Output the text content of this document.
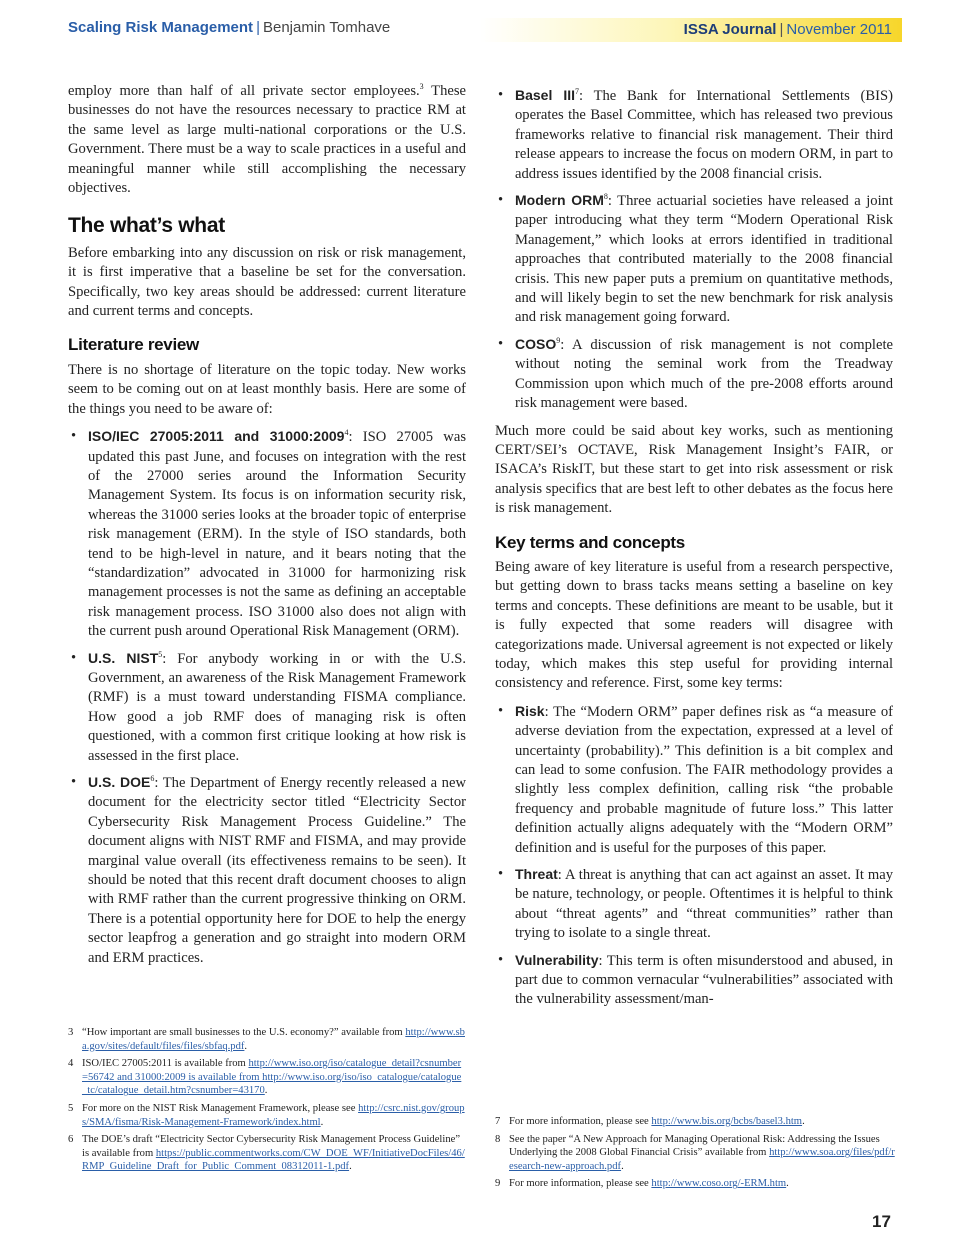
Scaling Risk Management | Benjamin Tomhave	ISSA Journal | November 2011

employ more than half of all private sector employees.$^3$ These businesses do not have the resources necessary to practice RM at the same level as large multi-national corporations or the U.S. Government. There must be a way to scale practices in a useful and meaningful manner while still accomplishing the necessary objectives.

The what’s what

Before embarking into any discussion on risk or risk management, it is first imperative that a baseline be set for the conversation. Specifically, two key areas should be addressed: current literature and current terms and concepts.

Literature review

There is no shortage of literature on the topic today. New works seem to be coming out on at least monthly basis. Here are some of the things you need to be aware of:

• ISO/IEC 27005:2011 and 31000:2009$^4$: ISO 27005 was updated this past June, and focuses on integration with the rest of the 27000 series around the Information Security Management System. Its focus is on information security risk, whereas the 31000 series looks at the broader topic of enterprise risk management (ERM). In the style of ISO standards, both tend to be high-level in nature, and it bears noting that the “standardization” advocated in 31000 for harmonizing risk management processes is not the same as defining an acceptable risk management process. ISO 31000 also does not align with the current push around Operational Risk Management (ORM).
• U.S. NIST$^5$: For anybody working in or with the U.S. Government, an awareness of the Risk Management Framework (RMF) is a must toward understanding FISMA compliance. How good a job RMF does of managing risk is often questioned, with a common first critique looking at how risk is assessed in the first place.
• U.S. DOE$^6$: The Department of Energy recently released a new document for the electricity sector titled “Electricity Sector Cybersecurity Risk Management Process Guideline.” The document aligns with NIST RMF and FISMA, and may provide marginal value overall (its effectiveness remains to be seen). It should be noted that this recent draft document chooses to align with RMF rather than the current progressive thinking on ORM. There is a potential opportunity here for DOE to help the energy sector leapfrog a generation and go straight into modern ORM and ERM practices.
• Basel III$^7$: The Bank for International Settlements (BIS) operates the Basel Committee, which has released two previous frameworks relative to financial risk management. Their third release appears to increase the focus on modern ORM, in part to address issues identified by the 2008 financial crisis.
• Modern ORM$^8$: Three actuarial societies have released a joint paper introducing what they term “Modern Operational Risk Management,” which looks at errors identified in traditional approaches that contributed materially to the 2008 financial crisis. This new paper puts a premium on quantitative methods, and will likely begin to set the new benchmark for risk analysis and risk management going forward.
• COSO$^9$: A discussion of risk management is not complete without noting the seminal work from the Treadway Commission upon which much of the pre-2008 efforts around risk management were based.

Much more could be said about key works, such as mentioning CERT/SEI’s OCTAVE, Risk Management Insight’s FAIR, or ISACA’s RiskIT, but these start to get into risk assessment or risk analysis specifics that are best left to other debates as the focus here is risk management.

Key terms and concepts

Being aware of key literature is useful from a research perspective, but getting down to brass tacks means setting a baseline on key terms and concepts. These definitions are meant to be usable, but it is fully expected that some readers will disagree with categorizations made. Universal agreement is not expected or likely today, which makes this step useful for providing internal consistency and reference. First, some key terms:

• Risk: The “Modern ORM” paper defines risk as “a measure of adverse deviation from the expectation, expressed at a level of uncertainty (probability).” This definition is a bit complex and can lead to some confusion. The FAIR methodology provides a slightly less complex definition, calling risk “the probable frequency and probable magnitude of future loss.” This latter definition actually aligns adequately with the “Modern ORM” definition and is useful for the purposes of this paper.
• Threat: A threat is anything that can act against an asset. It may be nature, technology, or people. Oftentimes it is helpful to think about “threat agents” and “threat communities” rather than trying to isolate to a single threat.
• Vulnerability: This term is often misunderstood and abused, in part due to common vernacular “vulnerabilities” associated with the vulnerability assessment/man-
3 “How important are small businesses to the U.S. economy?” available from http://www.sba.gov/sites/default/files/files/sbfaq.pdf.
4 ISO/IEC 27005:2011 is available from http://www.iso.org/iso/catalogue_detail?csnumber=56742 and 31000:2009 is available from http://www.iso.org/iso/iso_catalogue/catalogue_tc/catalogue_detail.htm?csnumber=43170.
5 For more on the NIST Risk Management Framework, please see http://csrc.nist.gov/groups/SMA/fisma/Risk-Management-Framework/index.html.
6 The DOE’s draft “Electricity Sector Cybersecurity Risk Management Process Guideline” is available from https://public.commentworks.com/CW_DOE_WF/InitiativeDocFiles/46/RMP_Guideline_Draft_for_Public_Comment_08312011-1.pdf.
7 For more information, please see http://www.bis.org/bcbs/basel3.htm.
8 See the paper “A New Approach for Managing Operational Risk: Addressing the Issues Underlying the 2008 Global Financial Crisis” available from http://www.soa.org/files/pdf/research-new-approach.pdf.
9 For more information, please see http://www.coso.org/-ERM.htm.
17
